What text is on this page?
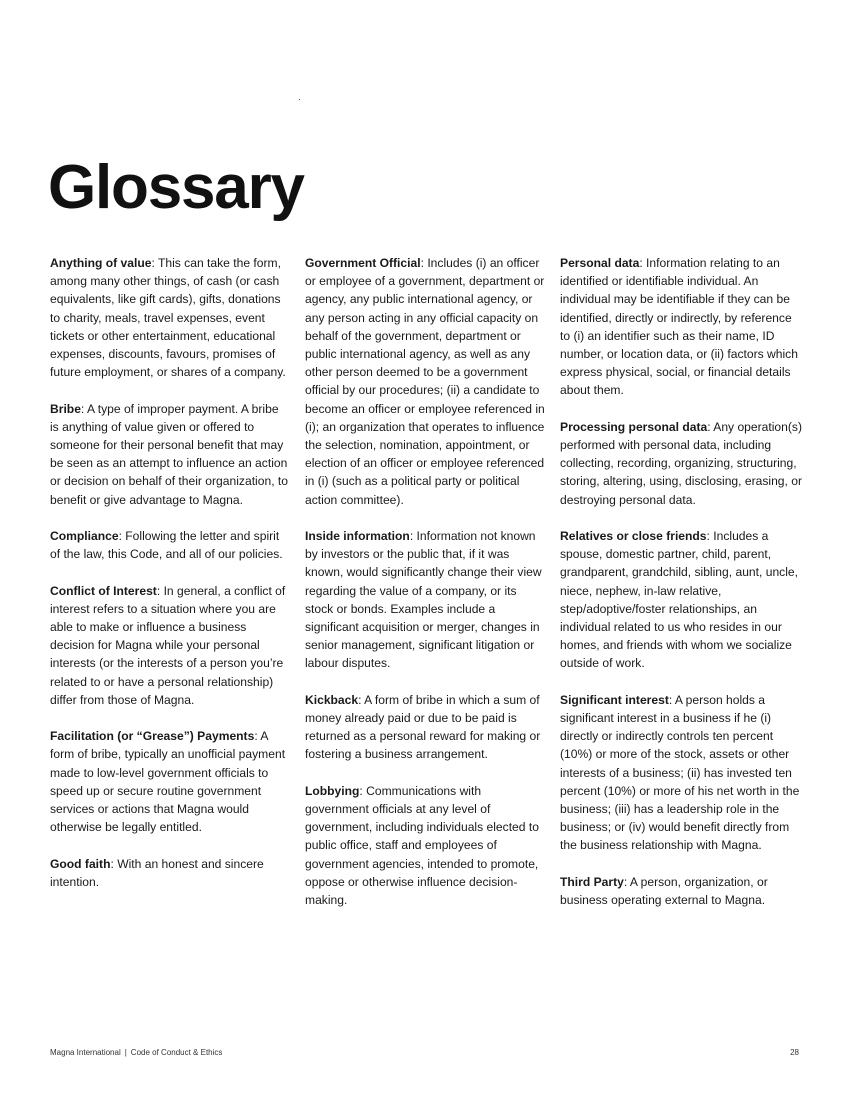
Glossary

Anything of value: This can take the form, among many other things, of cash (or cash equivalents, like gift cards), gifts, donations to charity, meals, travel expenses, event tickets or other entertainment, educational expenses, discounts, favours, promises of future employment, or shares of a company.

Bribe: A type of improper payment. A bribe is anything of value given or offered to someone for their personal benefit that may be seen as an attempt to influence an action or decision on behalf of their organization, to benefit or give advantage to Magna.

Compliance: Following the letter and spirit of the law, this Code, and all of our policies.

Conflict of Interest: In general, a conflict of interest refers to a situation where you are able to make or influence a business decision for Magna while your personal interests (or the interests of a person you’re related to or have a personal relationship) differ from those of Magna.

Facilitation (or “Grease”) Payments: A form of bribe, typically an unofficial payment made to low-level government officials to speed up or secure routine government services or actions that Magna would otherwise be legally entitled.

Good faith: With an honest and sincere intention.

Government Official: Includes (i) an officer or employee of a government, department or agency, any public international agency, or any person acting in any official capacity on behalf of the government, department or public international agency, as well as any other person deemed to be a government official by our procedures; (ii) a candidate to become an officer or employee referenced in (i); an organization that operates to influence the selection, nomination, appointment, or election of an officer or employee referenced in (i) (such as a political party or political action committee).

Inside information: Information not known by investors or the public that, if it was known, would significantly change their view regarding the value of a company, or its stock or bonds. Examples include a significant acquisition or merger, changes in senior management, significant litigation or labour disputes.

Kickback: A form of bribe in which a sum of money already paid or due to be paid is returned as a personal reward for making or fostering a business arrangement.

Lobbying: Communications with government officials at any level of government, including individuals elected to public office, staff and employees of government agencies, intended to promote, oppose or otherwise influence decision-making.

Personal data: Information relating to an identified or identifiable individual. An individual may be identifiable if they can be identified, directly or indirectly, by reference to (i) an identifier such as their name, ID number, or location data, or (ii) factors which express physical, social, or financial details about them.

Processing personal data: Any operation(s) performed with personal data, including collecting, recording, organizing, structuring, storing, altering, using, disclosing, erasing, or destroying personal data.

Relatives or close friends: Includes a spouse, domestic partner, child, parent, grandparent, grandchild, sibling, aunt, uncle, niece, nephew, in-law relative, step/adoptive/foster relationships, an individual related to us who resides in our homes, and friends with whom we socialize outside of work.

Significant interest: A person holds a significant interest in a business if he (i) directly or indirectly controls ten percent (10%) or more of the stock, assets or other interests of a business; (ii) has invested ten percent (10%) or more of his net worth in the business; (iii) has a leadership role in the business; or (iv) would benefit directly from the business relationship with Magna.

Third Party: A person, organization, or business operating external to Magna.

Magna International | Code of Conduct & Ethics	28
